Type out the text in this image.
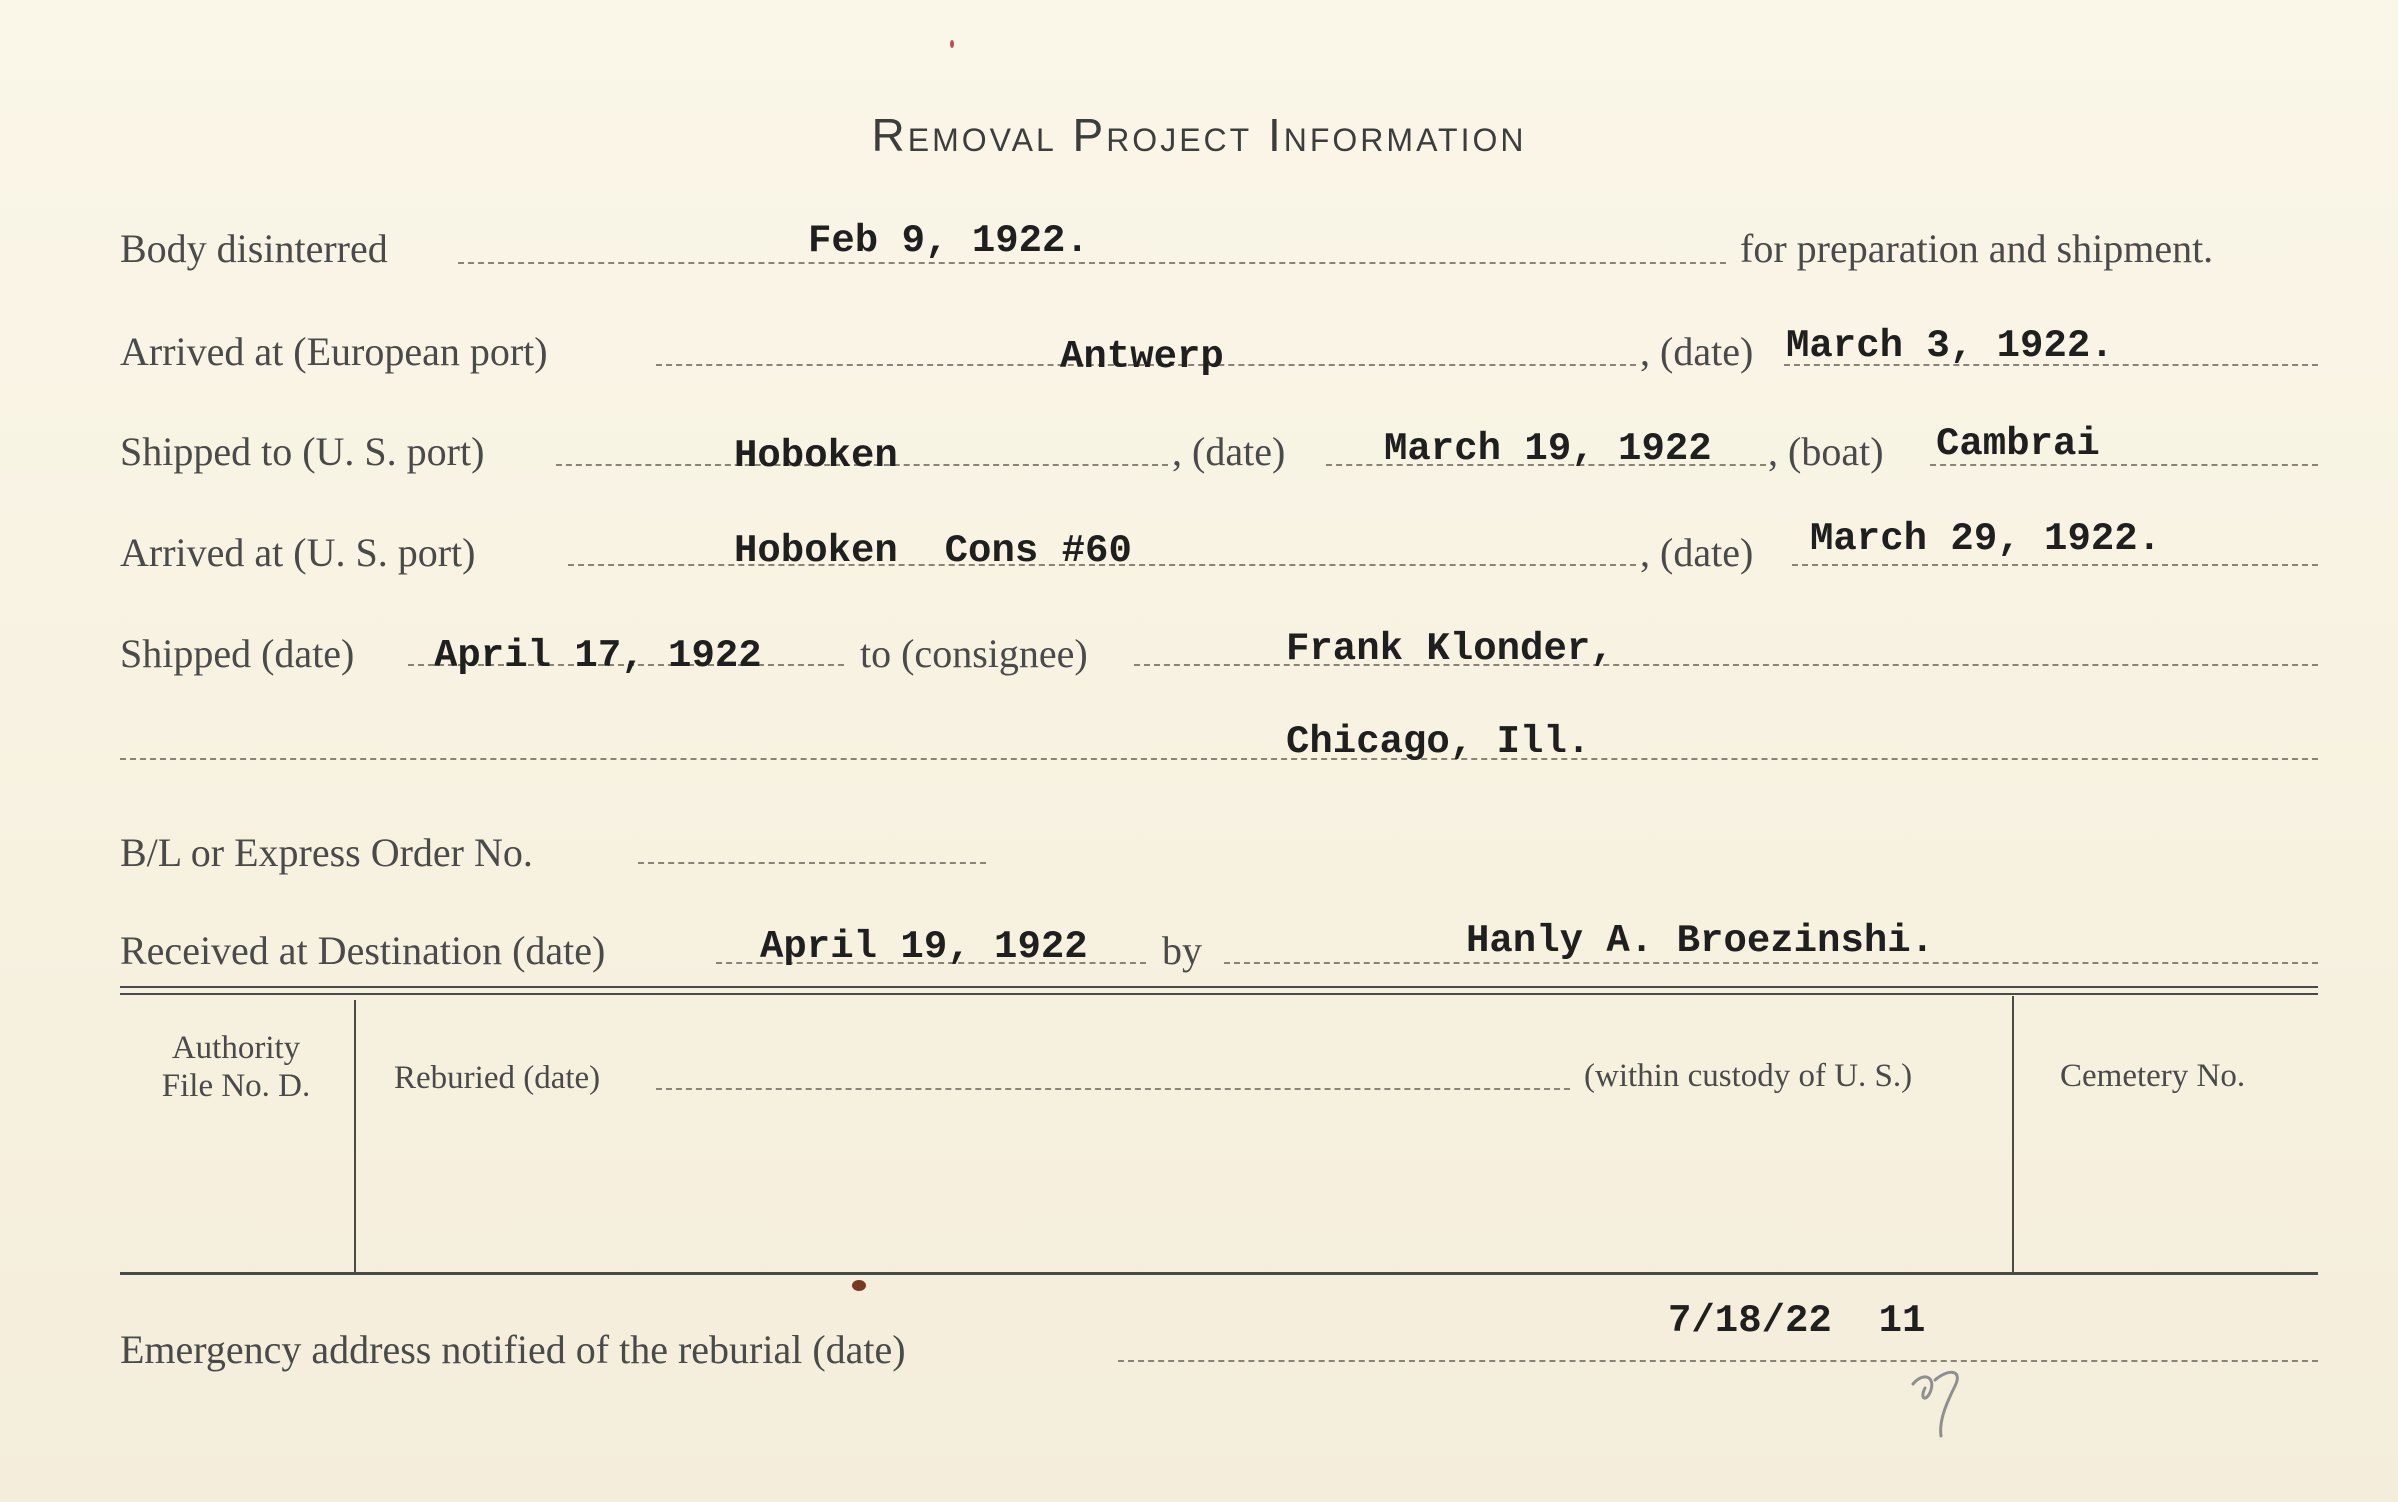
Removal Project Information
Body disinterred	Feb 9, 1922.	for preparation and shipment.
Arrived at (European port)	Antwerp	, (date) March 3, 1922.
Shipped to (U. S. port)	Hoboken	, (date)	March 19, 1922 , (boat) Cambrai
Arrived at (U. S. port)	Hoboken  Cons #60	, (date) March 29, 1922.
Shipped (date) April 17, 1922 to (consignee)	Frank Klonder,
Chicago, Ill.
B/L or Express Order No.
Received at Destination (date)	April 19, 1922 by	Hanly A. Broezinshi.
Authority
File No. D.	Reburied (date)	(within custody of U. S.)	Cemetery No.
Emergency address notified of the reburial (date)
7/18/22  11
